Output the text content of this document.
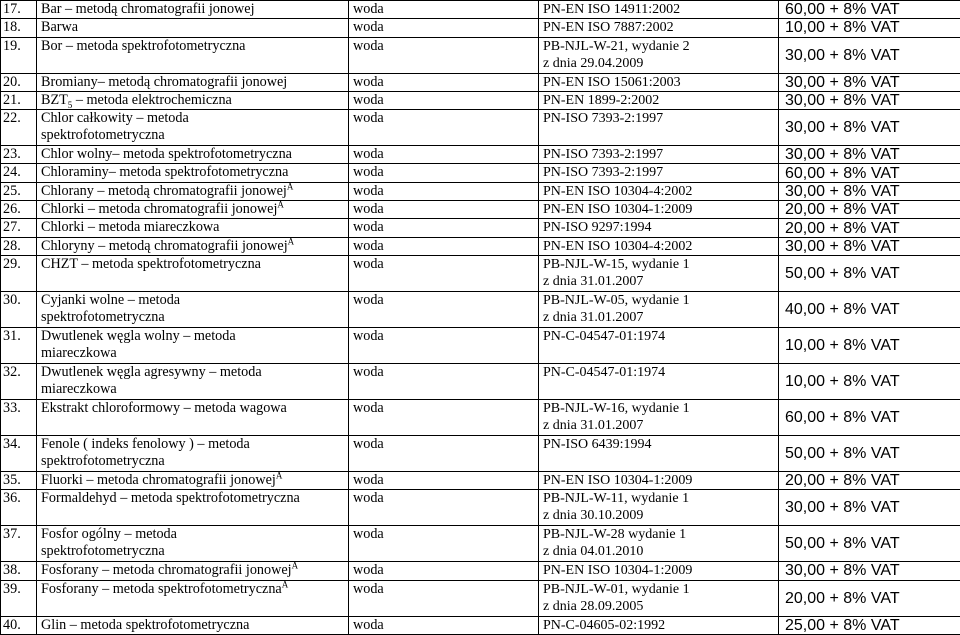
17.	Bar – metodą chromatografii jonowej	woda	PN-EN ISO 14911:2002	60,00 + 8% VAT
18.	Barwa	woda	PN-EN ISO 7887:2002	10,00 + 8% VAT
19.	Bor – metoda spektrofotometryczna	woda	PB-NJL-W-21, wydanie 2
z dnia 29.04.2009	30,00 + 8% VAT
20.	Bromiany– metodą chromatografii jonowej	woda	PN-EN ISO 15061:2003	30,00 + 8% VAT
21.	$BZT_5$ – metoda elektrochemiczna	woda	PN-EN 1899-2:2002	30,00 + 8% VAT
22.	Chlor całkowity – metoda
spektrofotometryczna	woda	PN-ISO 7393-2:1997	30,00 + 8% VAT
23.	Chlor wolny– metoda spektrofotometryczna	woda	PN-ISO 7393-2:1997	30,00 + 8% VAT
24.	Chloraminy– metoda spektrofotometryczna	woda	PN-ISO 7393-2:1997	60,00 + 8% VAT
25.	Chlorany – metodą chromatografii jonowej$^A$	woda	PN-EN ISO 10304-4:2002	30,00 + 8% VAT
26.	Chlorki – metoda chromatografii jonowej$^A$	woda	PN-EN ISO 10304-1:2009	20,00 + 8% VAT
27.	Chlorki – metoda miareczkowa	woda	PN-ISO 9297:1994	20,00 + 8% VAT
28.	Chloryny – metodą chromatografii jonowej$^A$	woda	PN-EN ISO 10304-4:2002	30,00 + 8% VAT
29.	CHZT – metoda spektrofotometryczna	woda	PB-NJL-W-15, wydanie 1
z dnia 31.01.2007	50,00 + 8% VAT
30.	Cyjanki wolne – metoda
spektrofotometryczna	woda	PB-NJL-W-05, wydanie 1
z dnia 31.01.2007	40,00 + 8% VAT
31.	Dwutlenek węgla wolny – metoda
miareczkowa	woda	PN-C-04547-01:1974	10,00 + 8% VAT
32.	Dwutlenek węgla agresywny – metoda
miareczkowa	woda	PN-C-04547-01:1974	10,00 + 8% VAT
33.	Ekstrakt chloroformowy – metoda wagowa	woda	PB-NJL-W-16, wydanie 1
z dnia 31.01.2007	60,00 + 8% VAT
34.	Fenole ( indeks fenolowy ) – metoda
spektrofotometryczna	woda	PN-ISO 6439:1994	50,00 + 8% VAT
35.	Fluorki – metoda chromatografii jonowej$^A$	woda	PN-EN ISO 10304-1:2009	20,00 + 8% VAT
36.	Formaldehyd – metoda spektrofotometryczna	woda	PB-NJL-W-11, wydanie 1
z dnia 30.10.2009	30,00 + 8% VAT
37.	Fosfor ogólny – metoda
spektrofotometryczna	woda	PB-NJL-W-28 wydanie 1
z dnia 04.01.2010	50,00 + 8% VAT
38.	Fosforany – metoda chromatografii jonowej$^A$	woda	PN-EN ISO 10304-1:2009	30,00 + 8% VAT
39.	Fosforany – metoda spektrofotometryczna$^A$	woda	PB-NJL-W-01, wydanie 1
z dnia 28.09.2005	20,00 + 8% VAT
40.	Glin – metoda spektrofotometryczna	woda	PN-C-04605-02:1992	25,00 + 8% VAT
